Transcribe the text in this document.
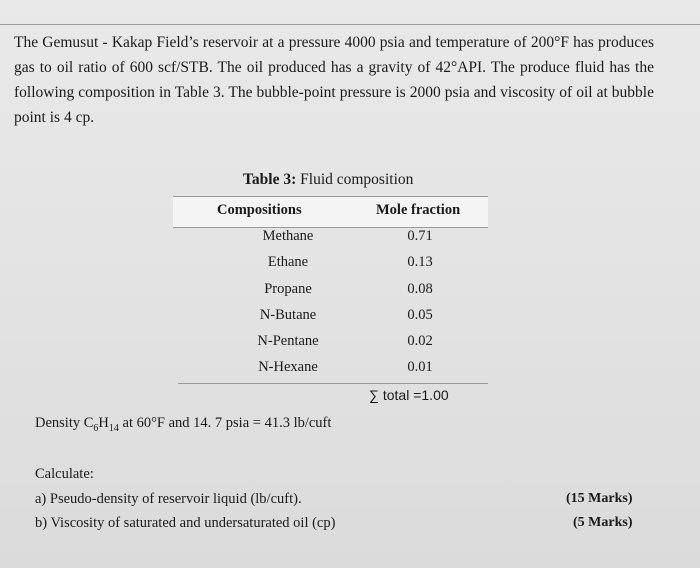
The Gemusut - Kakap Field’s reservoir at a pressure 4000 psia and temperature of 200°F has produces gas to oil ratio of 600 scf/STB. The oil produced has a gravity of 42°API. The produce fluid has the following composition in Table 3. The bubble-point pressure is 2000 psia and viscosity of oil at bubble point is 4 cp.
Table 3: Fluid composition
Compositions	Mole fraction
Methane	0.71
Ethane	0.13
Propane	0.08
N-Butane	0.05
N-Pentane	0.02
N-Hexane	0.01
∑ total =1.00
Density $C_6H_{14}$ at 60°F and 14. 7 psia = 41.3 lb/cuft
Calculate:
a) Pseudo-density of reservoir liquid (lb/cuft).	(15 Marks)
b) Viscosity of saturated and undersaturated oil (cp)	(5 Marks)
